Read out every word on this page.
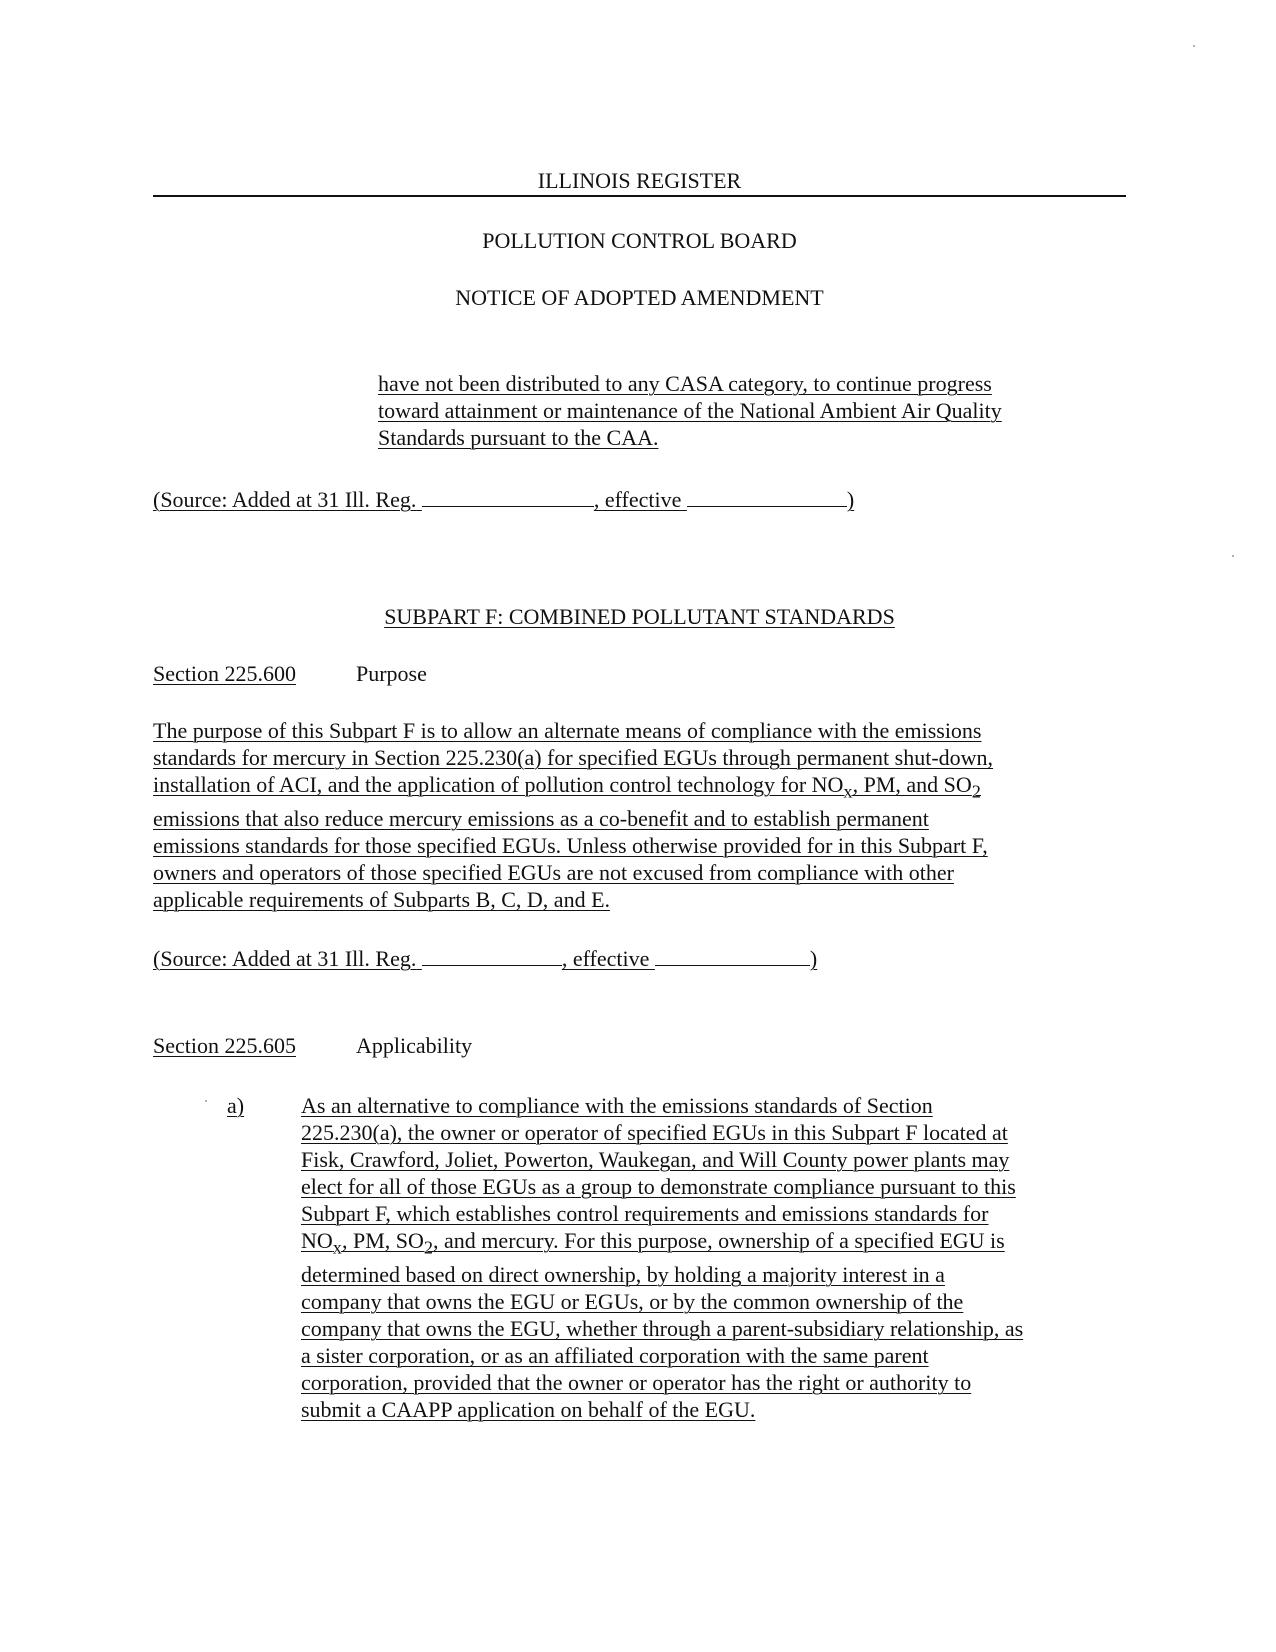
ILLINOIS REGISTER
POLLUTION CONTROL BOARD
NOTICE OF ADOPTED AMENDMENT
have not been distributed to any CASA category, to continue progress
toward attainment or maintenance of the National Ambient Air Quality
Standards pursuant to the CAA.
(Source: Added at 31 Ill. Reg.	, effective	)
SUBPART F: COMBINED POLLUTANT STANDARDS
Section 225.600	Purpose
The purpose of this Subpart F is to allow an alternate means of compliance with the emissions
standards for mercury in Section 225.230(a) for specified EGUs through permanent shut-down,
installation of ACI, and the application of pollution control technology for $NO_x$, PM, and $SO_2$
emissions that also reduce mercury emissions as a co-benefit and to establish permanent
emissions standards for those specified EGUs. Unless otherwise provided for in this Subpart F,
owners and operators of those specified EGUs are not excused from compliance with other
applicable requirements of Subparts B, C, D, and E.
(Source: Added at 31 Ill. Reg.	, effective	)
Section 225.605	Applicability
a)	As an alternative to compliance with the emissions standards of Section
225.230(a), the owner or operator of specified EGUs in this Subpart F located at
Fisk, Crawford, Joliet, Powerton, Waukegan, and Will County power plants may
elect for all of those EGUs as a group to demonstrate compliance pursuant to this
Subpart F, which establishes control requirements and emissions standards for
$NO_x$, PM, $SO_2$, and mercury. For this purpose, ownership of a specified EGU is
determined based on direct ownership, by holding a majority interest in a
company that owns the EGU or EGUs, or by the common ownership of the
company that owns the EGU, whether through a parent-subsidiary relationship, as
a sister corporation, or as an affiliated corporation with the same parent
corporation, provided that the owner or operator has the right or authority to
submit a CAAPP application on behalf of the EGU.
